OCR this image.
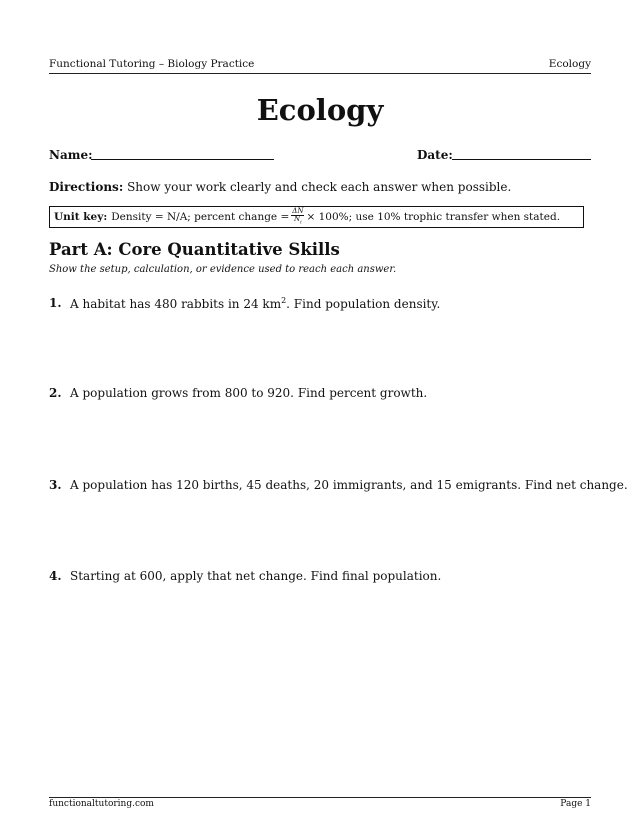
Functional Tutoring – Biology Practice	Ecology
Ecology
Name:	Date:
Directions: Show your work clearly and check each answer when possible.
Unit key: Density = N/A; percent change = $\frac{\Delta N}{N_i} \times 100\%$; use 10% trophic transfer when stated.
Part A: Core Quantitative Skills
Show the setup, calculation, or evidence used to reach each answer.
1. A habitat has 480 rabbits in 24 $km^2$. Find population density.
2. A population grows from 800 to 920. Find percent growth.
3. A population has 120 births, 45 deaths, 20 immigrants, and 15 emigrants. Find net change.
4. Starting at 600, apply that net change. Find final population.
functionaltutoring.com	Page 1
